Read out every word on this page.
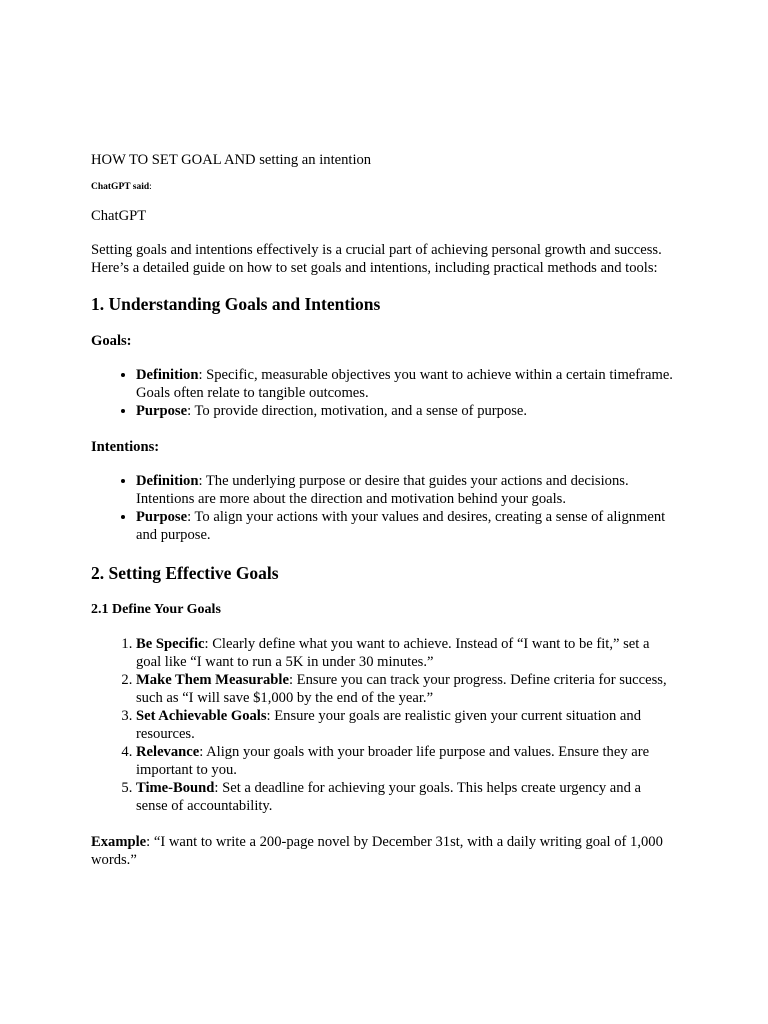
HOW TO SET GOAL AND setting an intention

ChatGPT said:

ChatGPT

Setting goals and intentions effectively is a crucial part of achieving personal growth and success. Here’s a detailed guide on how to set goals and intentions, including practical methods and tools:

1. Understanding Goals and Intentions
Goals:
• Definition: Specific, measurable objectives you want to achieve within a certain timeframe. Goals often relate to tangible outcomes.
• Purpose: To provide direction, motivation, and a sense of purpose.
Intentions:
• Definition: The underlying purpose or desire that guides your actions and decisions. Intentions are more about the direction and motivation behind your goals.
• Purpose: To align your actions with your values and desires, creating a sense of alignment and purpose.
2. Setting Effective Goals
2.1 Define Your Goals
1. Be Specific: Clearly define what you want to achieve. Instead of “I want to be fit,” set a goal like “I want to run a 5K in under 30 minutes.”
2. Make Them Measurable: Ensure you can track your progress. Define criteria for success, such as “I will save $1,000 by the end of the year.”
3. Set Achievable Goals: Ensure your goals are realistic given your current situation and resources.
4. Relevance: Align your goals with your broader life purpose and values. Ensure they are important to you.
5. Time-Bound: Set a deadline for achieving your goals. This helps create urgency and a sense of accountability.

Example: “I want to write a 200-page novel by December 31st, with a daily writing goal of 1,000 words.”
